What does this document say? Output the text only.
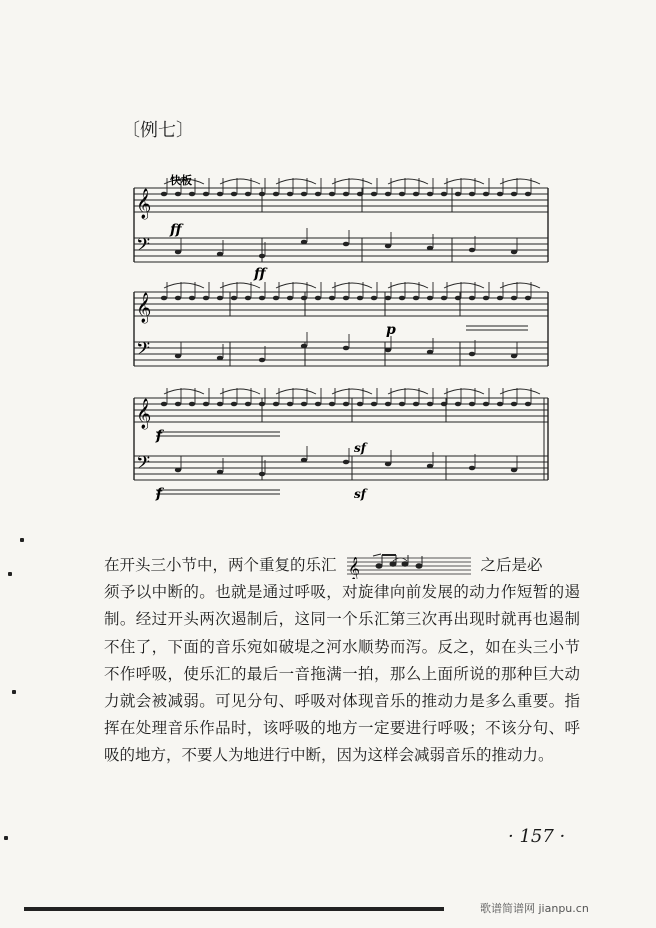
〔例七〕
𝄢
𝄞
𝄢
𝄞
𝄢
𝄞
快板
ff
ff
p
f
f
sf
sf

在开头三小节中，两个重复的乐汇 𝄞	之后是必

须予以中断的。也就是通过呼吸，对旋律向前发展的动力作短暂的遏制。经过开头两次遏制后，这同一个乐汇第三次再出现时就再也遏制不住了，下面的音乐宛如破堤之河水顺势而泻。反之，如在头三小节不作呼吸，使乐汇的最后一音拖满一拍，那么上面所说的那种巨大动力就会被减弱。可见分句、呼吸对体现音乐的推动力是多么重要。指挥在处理音乐作品时，该呼吸的地方一定要进行呼吸；不该分句、呼吸的地方，不要人为地进行中断，因为这样会减弱音乐的推动力。

· 157 ·
歌谱简谱网 jianpu.cn
